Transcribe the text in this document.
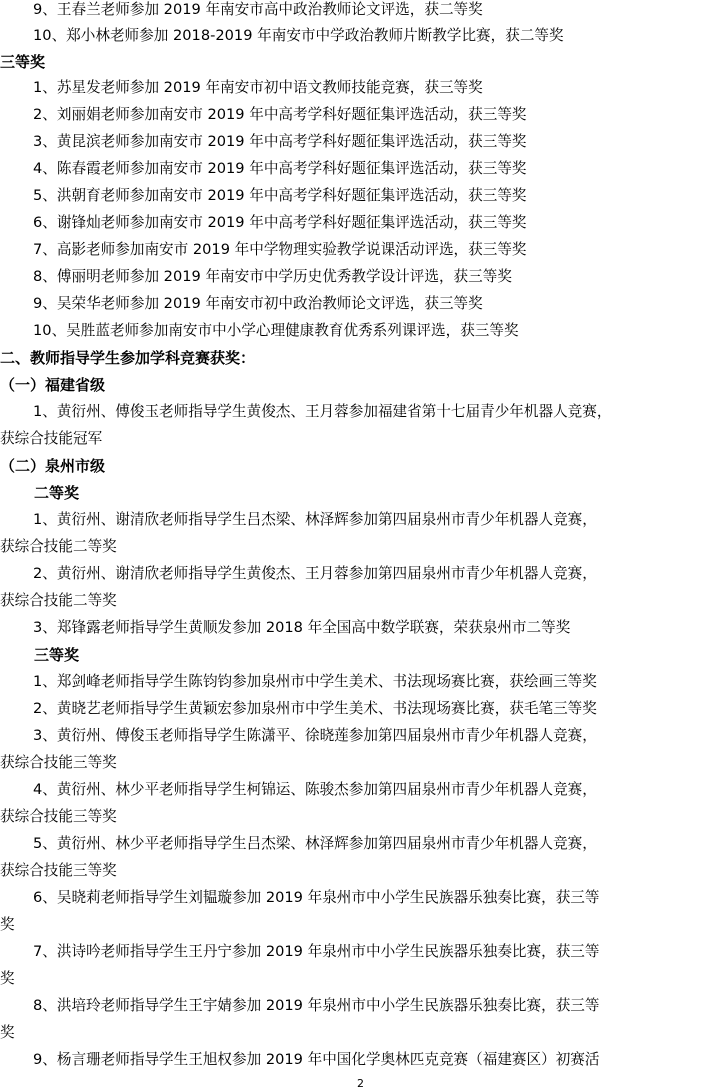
9、王春兰老师参加 2019 年南安市高中政治教师论文评选，获二等奖
10、郑小林老师参加 2018-2019 年南安市中学政治教师片断教学比赛，获二等奖
三等奖
1、苏星发老师参加 2019 年南安市初中语文教师技能竞赛，获三等奖
2、刘丽娟老师参加南安市 2019 年中高考学科好题征集评选活动，获三等奖
3、黄昆滨老师参加南安市 2019 年中高考学科好题征集评选活动，获三等奖
4、陈春霞老师参加南安市 2019 年中高考学科好题征集评选活动，获三等奖
5、洪朝育老师参加南安市 2019 年中高考学科好题征集评选活动，获三等奖
6、谢锋灿老师参加南安市 2019 年中高考学科好题征集评选活动，获三等奖
7、高影老师参加南安市 2019 年中学物理实验教学说课活动评选，获三等奖
8、傅丽明老师参加 2019 年南安市中学历史优秀教学设计评选，获三等奖
9、吴荣华老师参加 2019 年南安市初中政治教师论文评选，获三等奖
10、吴胜蓝老师参加南安市中小学心理健康教育优秀系列课评选，获三等奖
二、教师指导学生参加学科竞赛获奖：
（一）福建省级
1、黄衍州、傅俊玉老师指导学生黄俊杰、王月蓉参加福建省第十七届青少年机器人竞赛，
获综合技能冠军
（二）泉州市级
二等奖
1、黄衍州、谢清欣老师指导学生吕杰梁、林泽辉参加第四届泉州市青少年机器人竞赛，
获综合技能二等奖
2、黄衍州、谢清欣老师指导学生黄俊杰、王月蓉参加第四届泉州市青少年机器人竞赛，
获综合技能二等奖
3、郑锋露老师指导学生黄顺发参加 2018 年全国高中数学联赛，荣获泉州市二等奖
三等奖
1、郑剑峰老师指导学生陈钧钧参加泉州市中学生美术、书法现场赛比赛，获绘画三等奖
2、黄晓艺老师指导学生黄颖宏参加泉州市中学生美术、书法现场赛比赛，获毛笔三等奖
3、黄衍州、傅俊玉老师指导学生陈潇平、徐晓莲参加第四届泉州市青少年机器人竞赛，
获综合技能三等奖
4、黄衍州、林少平老师指导学生柯锦运、陈骏杰参加第四届泉州市青少年机器人竞赛，
获综合技能三等奖
5、黄衍州、林少平老师指导学生吕杰梁、林泽辉参加第四届泉州市青少年机器人竞赛，
获综合技能三等奖
6、吴晓莉老师指导学生刘韫璇参加 2019 年泉州市中小学生民族器乐独奏比赛，获三等
奖
7、洪诗吟老师指导学生王丹宁参加 2019 年泉州市中小学生民族器乐独奏比赛，获三等
奖
8、洪培玲老师指导学生王宇婧参加 2019 年泉州市中小学生民族器乐独奏比赛，获三等
奖
9、杨言珊老师指导学生王旭权参加 2019 年中国化学奥林匹克竞赛（福建赛区）初赛活
2
